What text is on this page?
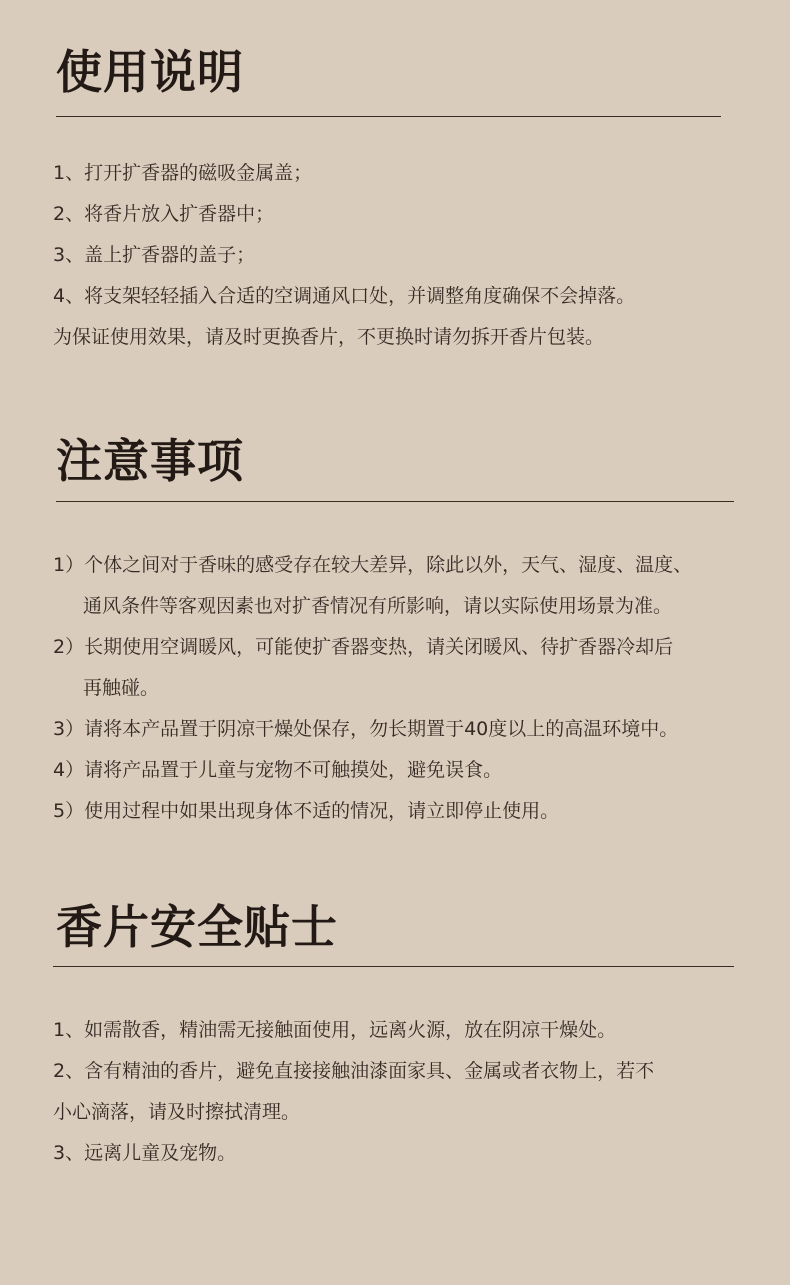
使用说明
1、打开扩香器的磁吸金属盖；
2、将香片放入扩香器中；
3、盖上扩香器的盖子；
4、将支架轻轻插入合适的空调通风口处，并调整角度确保不会掉落。
为保证使用效果，请及时更换香片，不更换时请勿拆开香片包装。
注意事项
1）个体之间对于香味的感受存在较大差异，除此以外，天气、湿度、温度、
通风条件等客观因素也对扩香情况有所影响，请以实际使用场景为准。
2）长期使用空调暖风，可能使扩香器变热，请关闭暖风、待扩香器冷却后
再触碰。
3）请将本产品置于阴凉干燥处保存，勿长期置于40度以上的高温环境中。
4）请将产品置于儿童与宠物不可触摸处，避免误食。
5）使用过程中如果出现身体不适的情况，请立即停止使用。
香片安全贴士
1、如需散香，精油需无接触面使用，远离火源，放在阴凉干燥处。
2、含有精油的香片，避免直接接触油漆面家具、金属或者衣物上，若不
小心滴落，请及时擦拭清理。
3、远离儿童及宠物。
